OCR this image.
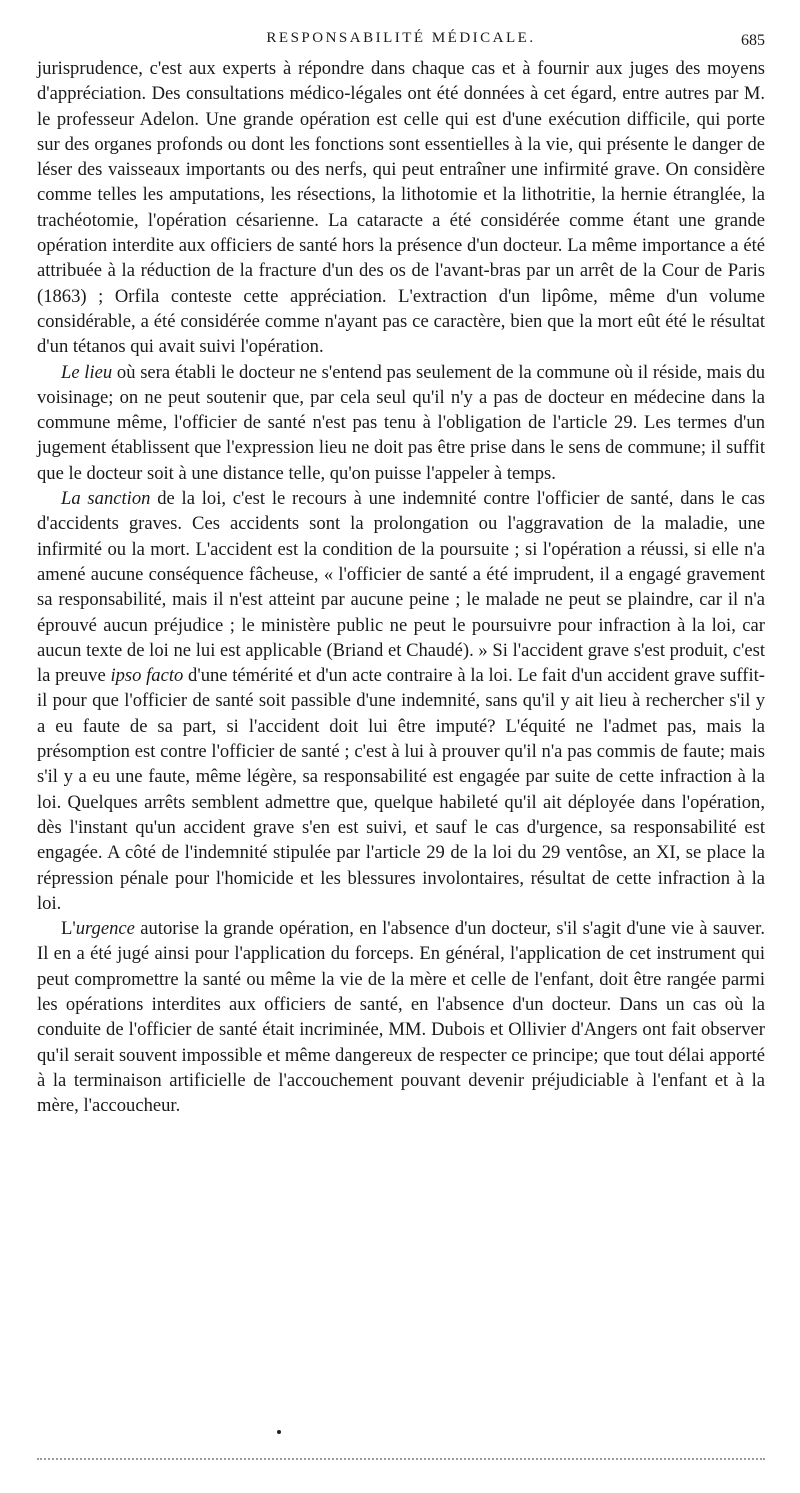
RESPONSABILITÉ MÉDICALE.	685

jurisprudence, c'est aux experts à répondre dans chaque cas et à fournir aux juges des moyens d'appréciation. Des consultations médico-légales ont été données à cet égard, entre autres par M. le professeur Adelon. Une grande opération est celle qui est d'une exécution difficile, qui porte sur des organes profonds ou dont les fonctions sont essentielles à la vie, qui présente le danger de léser des vaisseaux importants ou des nerfs, qui peut entraîner une infirmité grave. On considère comme telles les amputations, les résections, la lithotomie et la lithotritie, la hernie étranglée, la trachéotomie, l'opération césarienne. La cataracte a été considérée comme étant une grande opération interdite aux officiers de santé hors la présence d'un docteur. La même importance a été attribuée à la réduction de la fracture d'un des os de l'avant-bras par un arrêt de la Cour de Paris (1863) ; Orfila conteste cette appréciation. L'extraction d'un lipôme, même d'un volume considérable, a été considérée comme n'ayant pas ce caractère, bien que la mort eût été le résultat d'un tétanos qui avait suivi l'opération.

Le lieu où sera établi le docteur ne s'entend pas seulement de la commune où il réside, mais du voisinage; on ne peut soutenir que, par cela seul qu'il n'y a pas de docteur en médecine dans la commune même, l'officier de santé n'est pas tenu à l'obligation de l'article 29. Les termes d'un jugement établissent que l'expression lieu ne doit pas être prise dans le sens de commune; il suffit que le docteur soit à une distance telle, qu'on puisse l'appeler à temps.

La sanction de la loi, c'est le recours à une indemnité contre l'officier de santé, dans le cas d'accidents graves. Ces accidents sont la prolongation ou l'aggravation de la maladie, une infirmité ou la mort. L'accident est la condition de la poursuite ; si l'opération a réussi, si elle n'a amené aucune conséquence fâcheuse, « l'officier de santé a été imprudent, il a engagé gravement sa responsabilité, mais il n'est atteint par aucune peine ; le malade ne peut se plaindre, car il n'a éprouvé aucun préjudice ; le ministère public ne peut le poursuivre pour infraction à la loi, car aucun texte de loi ne lui est applicable (Briand et Chaudé). » Si l'accident grave s'est produit, c'est la preuve ipso facto d'une témérité et d'un acte contraire à la loi. Le fait d'un accident grave suffit-il pour que l'officier de santé soit passible d'une indemnité, sans qu'il y ait lieu à rechercher s'il y a eu faute de sa part, si l'accident doit lui être imputé? L'équité ne l'admet pas, mais la présomption est contre l'officier de santé ; c'est à lui à prouver qu'il n'a pas commis de faute; mais s'il y a eu une faute, même légère, sa responsabilité est engagée par suite de cette infraction à la loi. Quelques arrêts semblent admettre que, quelque habileté qu'il ait déployée dans l'opération, dès l'instant qu'un accident grave s'en est suivi, et sauf le cas d'urgence, sa responsabilité est engagée. A côté de l'indemnité stipulée par l'article 29 de la loi du 29 ventôse, an XI, se place la répression pénale pour l'homicide et les blessures involontaires, résultat de cette infraction à la loi.

L'urgence autorise la grande opération, en l'absence d'un docteur, s'il s'agit d'une vie à sauver. Il en a été jugé ainsi pour l'application du forceps. En général, l'application de cet instrument qui peut compromettre la santé ou même la vie de la mère et celle de l'enfant, doit être rangée parmi les opérations interdites aux officiers de santé, en l'absence d'un docteur. Dans un cas où la conduite de l'officier de santé était incriminée, MM. Dubois et Ollivier d'Angers ont fait observer qu'il serait souvent impossible et même dangereux de respecter ce principe; que tout délai apporté à la terminaison artificielle de l'accouchement pouvant devenir préjudiciable à l'enfant et à la mère, l'accoucheur.
